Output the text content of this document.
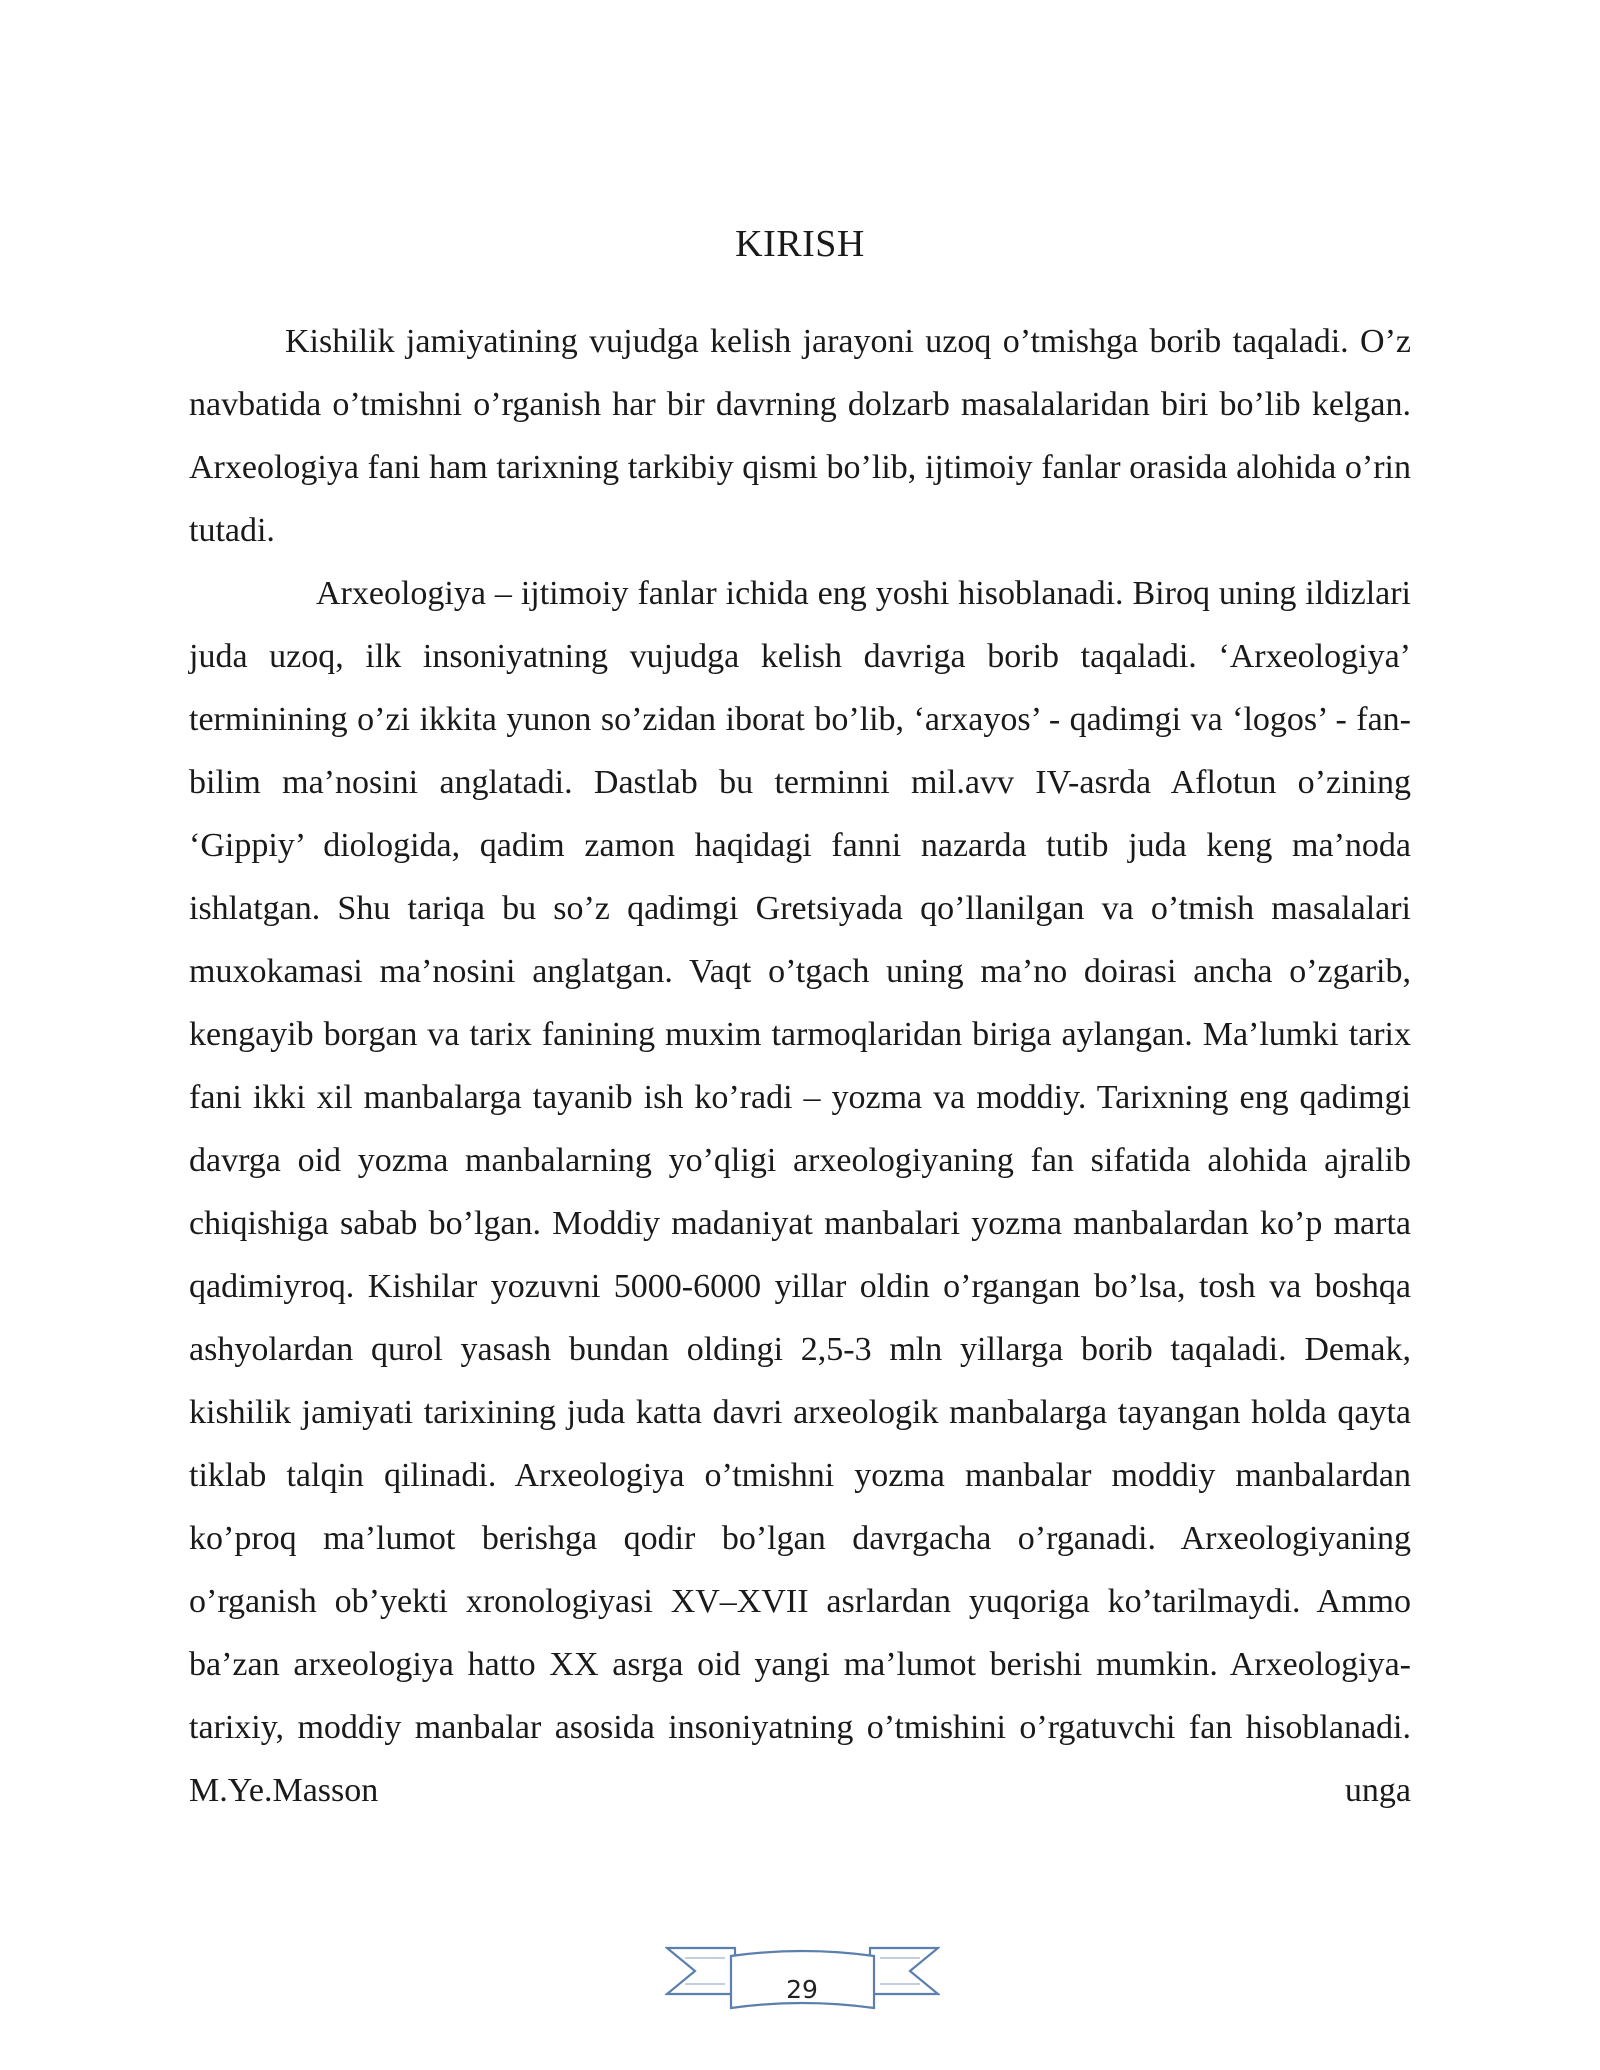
KIRISH

Kishilik jamiyatining vujudga kelish jarayoni uzoq o’tmishga borib taqaladi. O’z navbatida o’tmishni o’rganish har bir davrning dolzarb masalalaridan biri bo’lib kelgan. Arxeologiya fani ham tarixning tarkibiy qismi bo’lib, ijtimoiy fanlar orasida alohida o’rin tutadi.

Arxeologiya – ijtimoiy fanlar ichida eng yoshi hisoblanadi. Biroq uning ildizlari juda uzoq, ilk insoniyatning vujudga kelish davriga borib taqaladi. ‘Arxeologiya’ terminining o’zi ikkita yunon so’zidan iborat bo’lib, ‘arxayos’ - qadimgi va ‘logos’ - fan-bilim ma’nosini anglatadi. Dastlab bu terminni mil.avv IV-asrda Aflotun o’zining ‘Gippiy’ diologida, qadim zamon haqidagi fanni nazarda tutib juda keng ma’noda ishlatgan. Shu tariqa bu so’z qadimgi Gretsiyada qo’llanilgan va o’tmish masalalari muxokamasi ma’nosini anglatgan. Vaqt o’tgach uning ma’no doirasi ancha o’zgarib, kengayib borgan va tarix fanining muxim tarmoqlaridan biriga aylangan. Ma’lumki tarix fani ikki xil manbalarga tayanib ish ko’radi – yozma va moddiy. Tarixning eng qadimgi davrga oid yozma manbalarning yo’qligi arxeologiyaning fan sifatida alohida ajralib chiqishiga sabab bo’lgan. Moddiy madaniyat manbalari yozma manbalardan ko’p marta qadimiyroq. Kishilar yozuvni 5000-6000 yillar oldin o’rgangan bo’lsa, tosh va boshqa ashyolardan qurol yasash bundan oldingi 2,5-3 mln yillarga borib taqaladi. Demak, kishilik jamiyati tarixining juda katta davri arxeologik manbalarga tayangan holda qayta tiklab talqin qilinadi. Arxeologiya o’tmishni yozma manbalar moddiy manbalardan ko’proq ma’lumot berishga qodir bo’lgan davrgacha o’rganadi. Arxeologiyaning o’rganish ob’yekti xronologiyasi XV–XVII asrlardan yuqoriga ko’tarilmaydi. Ammo ba’zan arxeologiya hatto XX asrga oid yangi ma’lumot berishi mumkin. Arxeologiya-tarixiy, moddiy manbalar asosida insoniyatning o’tmishini o’rgatuvchi fan hisoblanadi. M.Ye.Masson unga

29
